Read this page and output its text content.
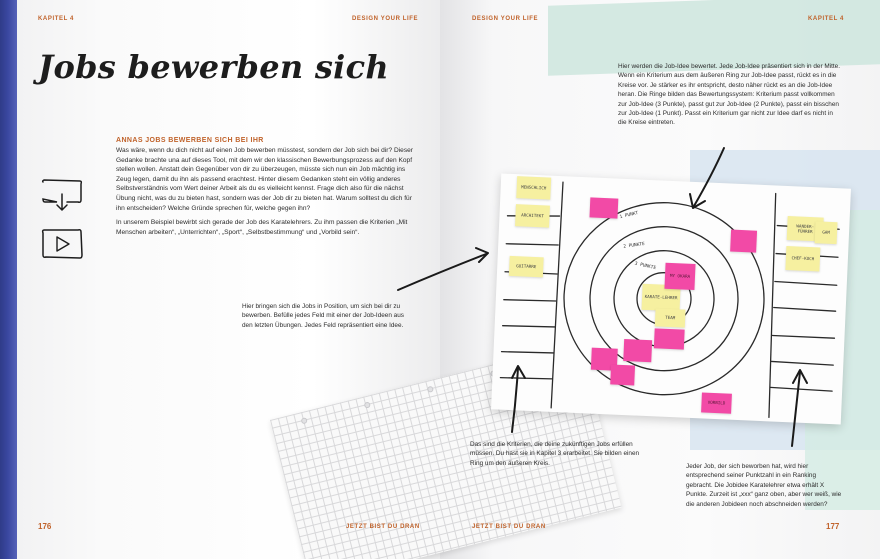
KAPITEL 4	DESIGN YOUR LIFE	DESIGN YOUR LIFE	KAPITEL 4
Jobs bewerben sich
ANNAS JOBS BEWERBEN SICH BEI IHR

Was wäre, wenn du dich nicht auf einen Job bewerben müsstest, sondern der Job sich bei dir? Dieser Gedanke brachte una auf dieses Tool, mit dem wir den klassischen Bewerbungsprozess auf den Kopf stellen wollen. Anstatt dein Gegenüber von dir zu überzeugen, müsste sich nun ein Job mächtig ins Zeug legen, damit du ihn als passend erachtest. Hinter diesem Gedanken steht ein völlig anderes Selbstverständnis vom Wert deiner Arbeit als du es vielleicht kennst. Frage dich also für die nächst Übung nicht, was du zu bieten hast, sondern was der Job dir zu bieten hat. Warum solltest du dich für ihn entscheiden? Welche Gründe sprechen für, welche gegen ihn?

In unserem Beispiel bewirbt sich gerade der Job des Karatelehrers. Zu ihm passen die Kriterien „Mit Menschen arbeiten“, „Unterrichten“, „Sport“, „Selbstbestimmung“ und „Vorbild sein“.

1 PUNKT
2 PUNKTE
3 PUNKTE
MENSCHLICH
ARCHITEKT
GUITARRE
WANDER-FÜHRER
CHEF-KOCH
GAM
KARATE-LEHRER
TEAM
MY OKARA
VORBILD
Hier bringen sich die Jobs in Position, um sich bei dir zu bewerben. Befülle jedes Feld mit einer der Job-Ideen aus den letzten Übungen. Jedes Feld repräsentiert eine Idee.
Hier werden die Job-Idee bewertet. Jede Job-Idee präsentiert sich in der Mitte. Wenn ein Kriterium aus dem äußeren Ring zur Job-Idee passt, rückt es in die Kreise vor. Je stärker es ihr entspricht, desto näher rückt es an die Job-Idee heran. Die Ringe bilden das Bewertungssystem: Kriterium passt vollkommen zur Job-Idee (3 Punkte), passt gut zur Job-Idee (2 Punkte), passt ein bisschen zur Job-Idee (1 Punkt). Passt ein Kriterium gar nicht zur Idee darf es nicht in die Kreise eintreten.
Das sind die Kriterien, die deine zukünftigen Jobs erfüllen müssen. Du hast sie in Kapitel 3 erarbeitet. Sie bilden einen Ring um den äußeren Kreis.	Jeder Job, der sich beworben hat, wird hier entsprechend seiner Punktzahl in ein Ranking gebracht. Die Jobidee Karatelehrer etwa erhält X Punkte. Zurzeit ist „xxx“ ganz oben, aber wer weiß, wie die anderen Jobideen noch abschneiden werden?
176	JETZT BIST DU DRAN	JETZT BIST DU DRAN	177
